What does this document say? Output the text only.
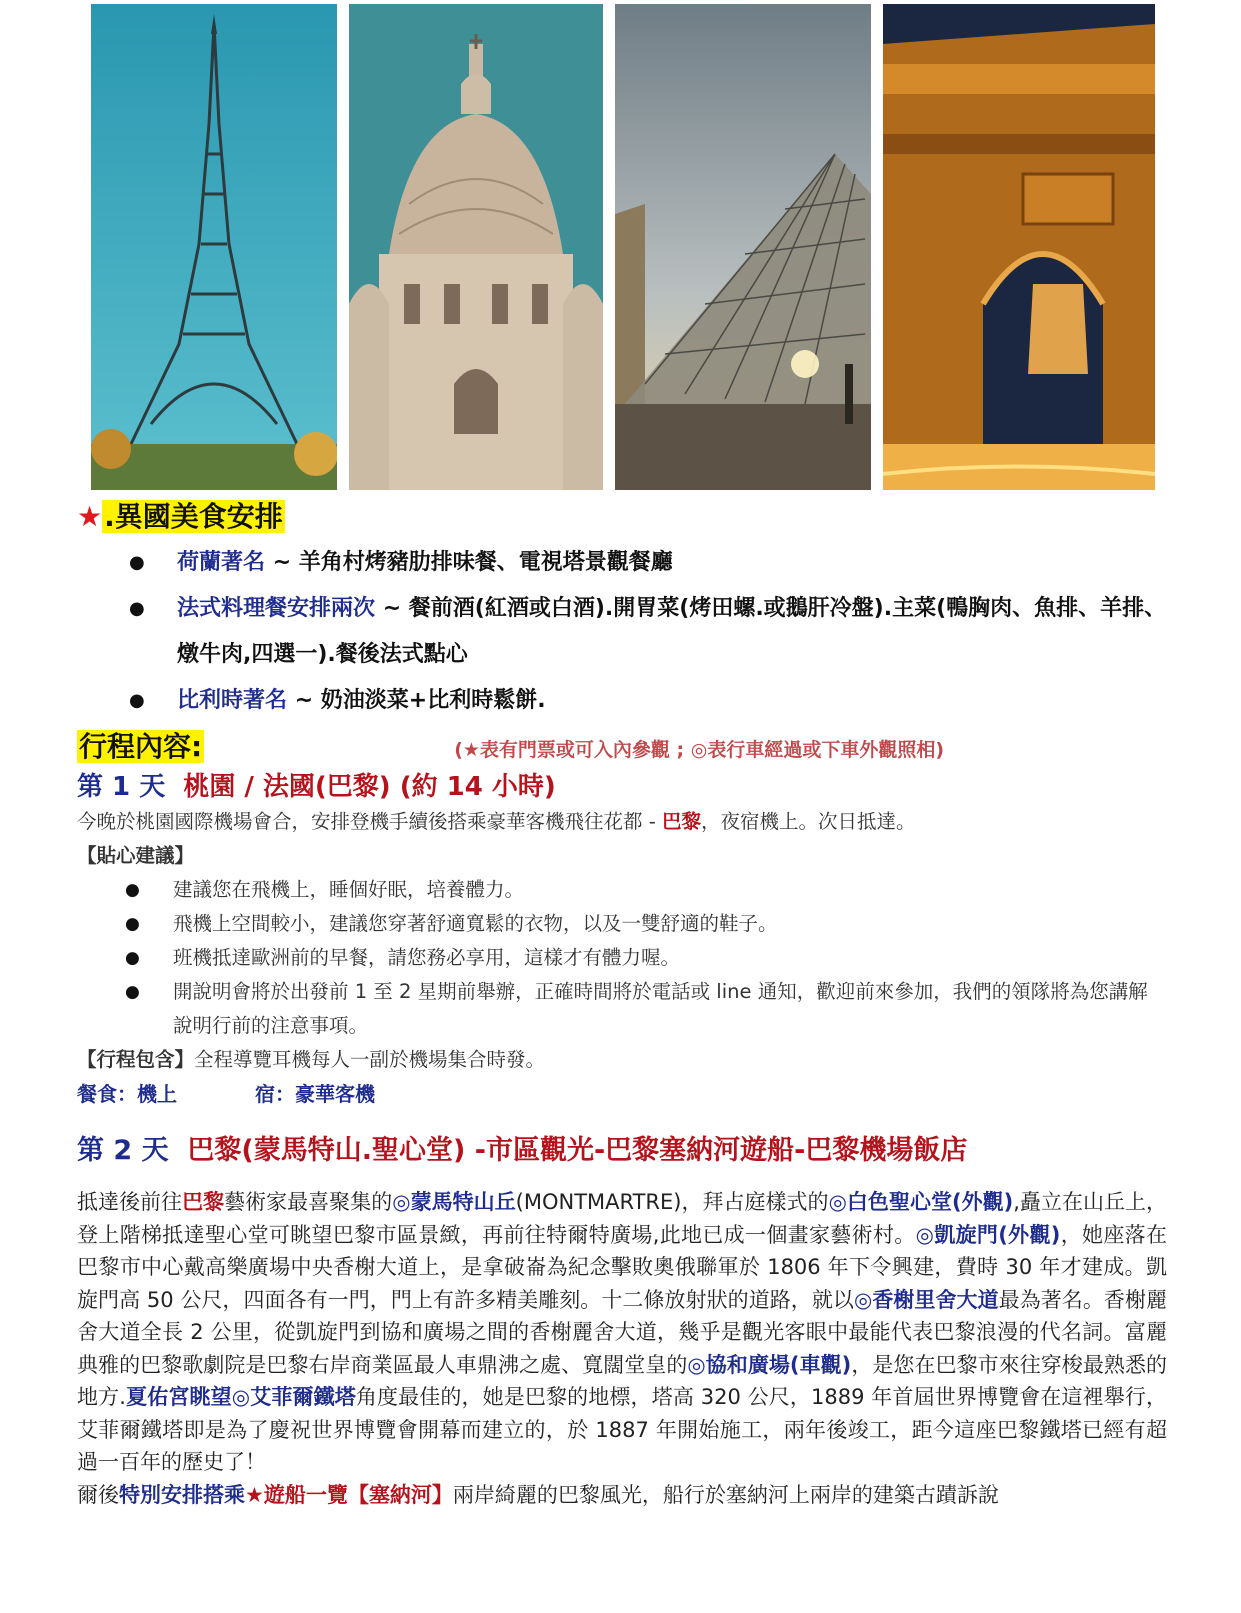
★.異國美食安排
● 荷蘭著名 ~ 羊角村烤豬肋排味餐、電視塔景觀餐廳
● 法式料理餐安排兩次 ~ 餐前酒(紅酒或白酒).開胃菜(烤田螺.或鵝肝冷盤).主菜(鴨胸肉、魚排、羊排、燉牛肉,四選一).餐後法式點心
● 比利時著名 ~ 奶油淡菜+比利時鬆餅.
行程內容:	(★表有門票或可入內參觀 ; ◎表行車經過或下車外觀照相)
第 1 天 桃園 / 法國(巴黎) (約 14 小時)

今晚於桃園國際機場會合，安排登機手續後搭乘豪華客機飛往花都 - 巴黎，夜宿機上。次日抵達。

【貼心建議】
● 建議您在飛機上，睡個好眠，培養體力。
● 飛機上空間較小，建議您穿著舒適寬鬆的衣物，以及一雙舒適的鞋子。
● 班機抵達歐洲前的早餐，請您務必享用，這樣才有體力喔。
● 開說明會將於出發前 1 至 2 星期前舉辦，正確時間將於電話或 line 通知，歡迎前來參加，我們的領隊將為您講解說明行前的注意事項。

【行程包含】全程導覽耳機每人一副於機場集合時發。

餐食：機上	宿：豪華客機
第 2 天 巴黎(蒙馬特山.聖心堂) -市區觀光-巴黎塞納河遊船-巴黎機場飯店

抵達後前往巴黎藝術家最喜聚集的◎蒙馬特山丘(MONTMARTRE)，拜占庭樣式的◎白色聖心堂(外觀),矗立在山丘上，登上階梯抵達聖心堂可眺望巴黎市區景緻，再前往特爾特廣場,此地已成一個畫家藝術村。◎凱旋門(外觀)，她座落在巴黎市中心戴高樂廣場中央香榭大道上，是拿破崙為紀念擊敗奧俄聯軍於 1806 年下令興建，費時 30 年才建成。凱旋門高 50 公尺，四面各有一門，門上有許多精美雕刻。十二條放射狀的道路，就以◎香榭里舍大道最為著名。香榭麗舍大道全長 2 公里，從凱旋門到協和廣場之間的香榭麗舍大道，幾乎是觀光客眼中最能代表巴黎浪漫的代名詞。富麗典雅的巴黎歌劇院是巴黎右岸商業區最人車鼎沸之處、寬闊堂皇的◎協和廣場(車觀)，是您在巴黎市來往穿梭最熟悉的地方.夏佑宮眺望◎艾菲爾鐵塔角度最佳的，她是巴黎的地標，塔高 320 公尺，1889 年首屆世界博覽會在這裡舉行，艾菲爾鐵塔即是為了慶祝世界博覽會開幕而建立的，於 1887 年開始施工，兩年後竣工，距今這座巴黎鐵塔已經有超過一百年的歷史了！

爾後特別安排搭乘★遊船一覽【塞納河】兩岸綺麗的巴黎風光，船行於塞納河上兩岸的建築古蹟訴說
